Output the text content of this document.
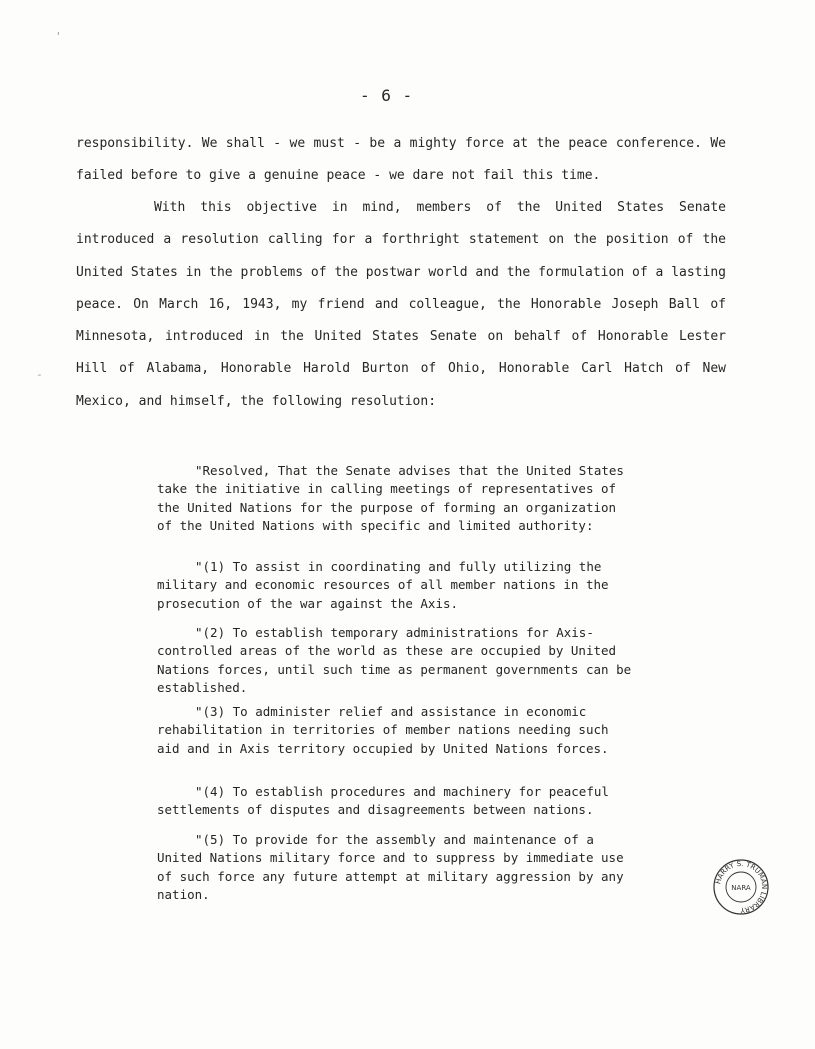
- 6 -

responsibility. We shall - we must - be a mighty force at the peace conference. We failed before to give a genuine peace - we dare not fail this time.

With this objective in mind, members of the United States Senate introduced a resolution calling for a forthright statement on the position of the United States in the problems of the postwar world and the formulation of a lasting peace. On March 16, 1943, my friend and colleague, the Honorable Joseph Ball of Minnesota, introduced in the United States Senate on behalf of Honorable Lester Hill of Alabama, Honorable Harold Burton of Ohio, Honorable Carl Hatch of New Mexico, and himself, the following resolution:

"Resolved, That the Senate advises that the United States take the initiative in calling meetings of representatives of the United Nations for the purpose of forming an organization of the United Nations with specific and limited authority:

"(1) To assist in coordinating and fully utilizing the military and economic resources of all member nations in the prosecution of the war against the Axis.

"(2) To establish temporary administrations for Axis-controlled areas of the world as these are occupied by United Nations forces, until such time as permanent governments can be established.

"(3) To administer relief and assistance in economic rehabilitation in territories of member nations needing such aid and in Axis territory occupied by United Nations forces.

"(4) To establish procedures and machinery for peaceful settlements of disputes and disagreements between nations.

"(5) To provide for the assembly and maintenance of a United Nations military force and to suppress by immediate use of such force any future attempt at military aggression by any nation.

HARRY S. TRUMAN LIBRARY
NARA
'
-
